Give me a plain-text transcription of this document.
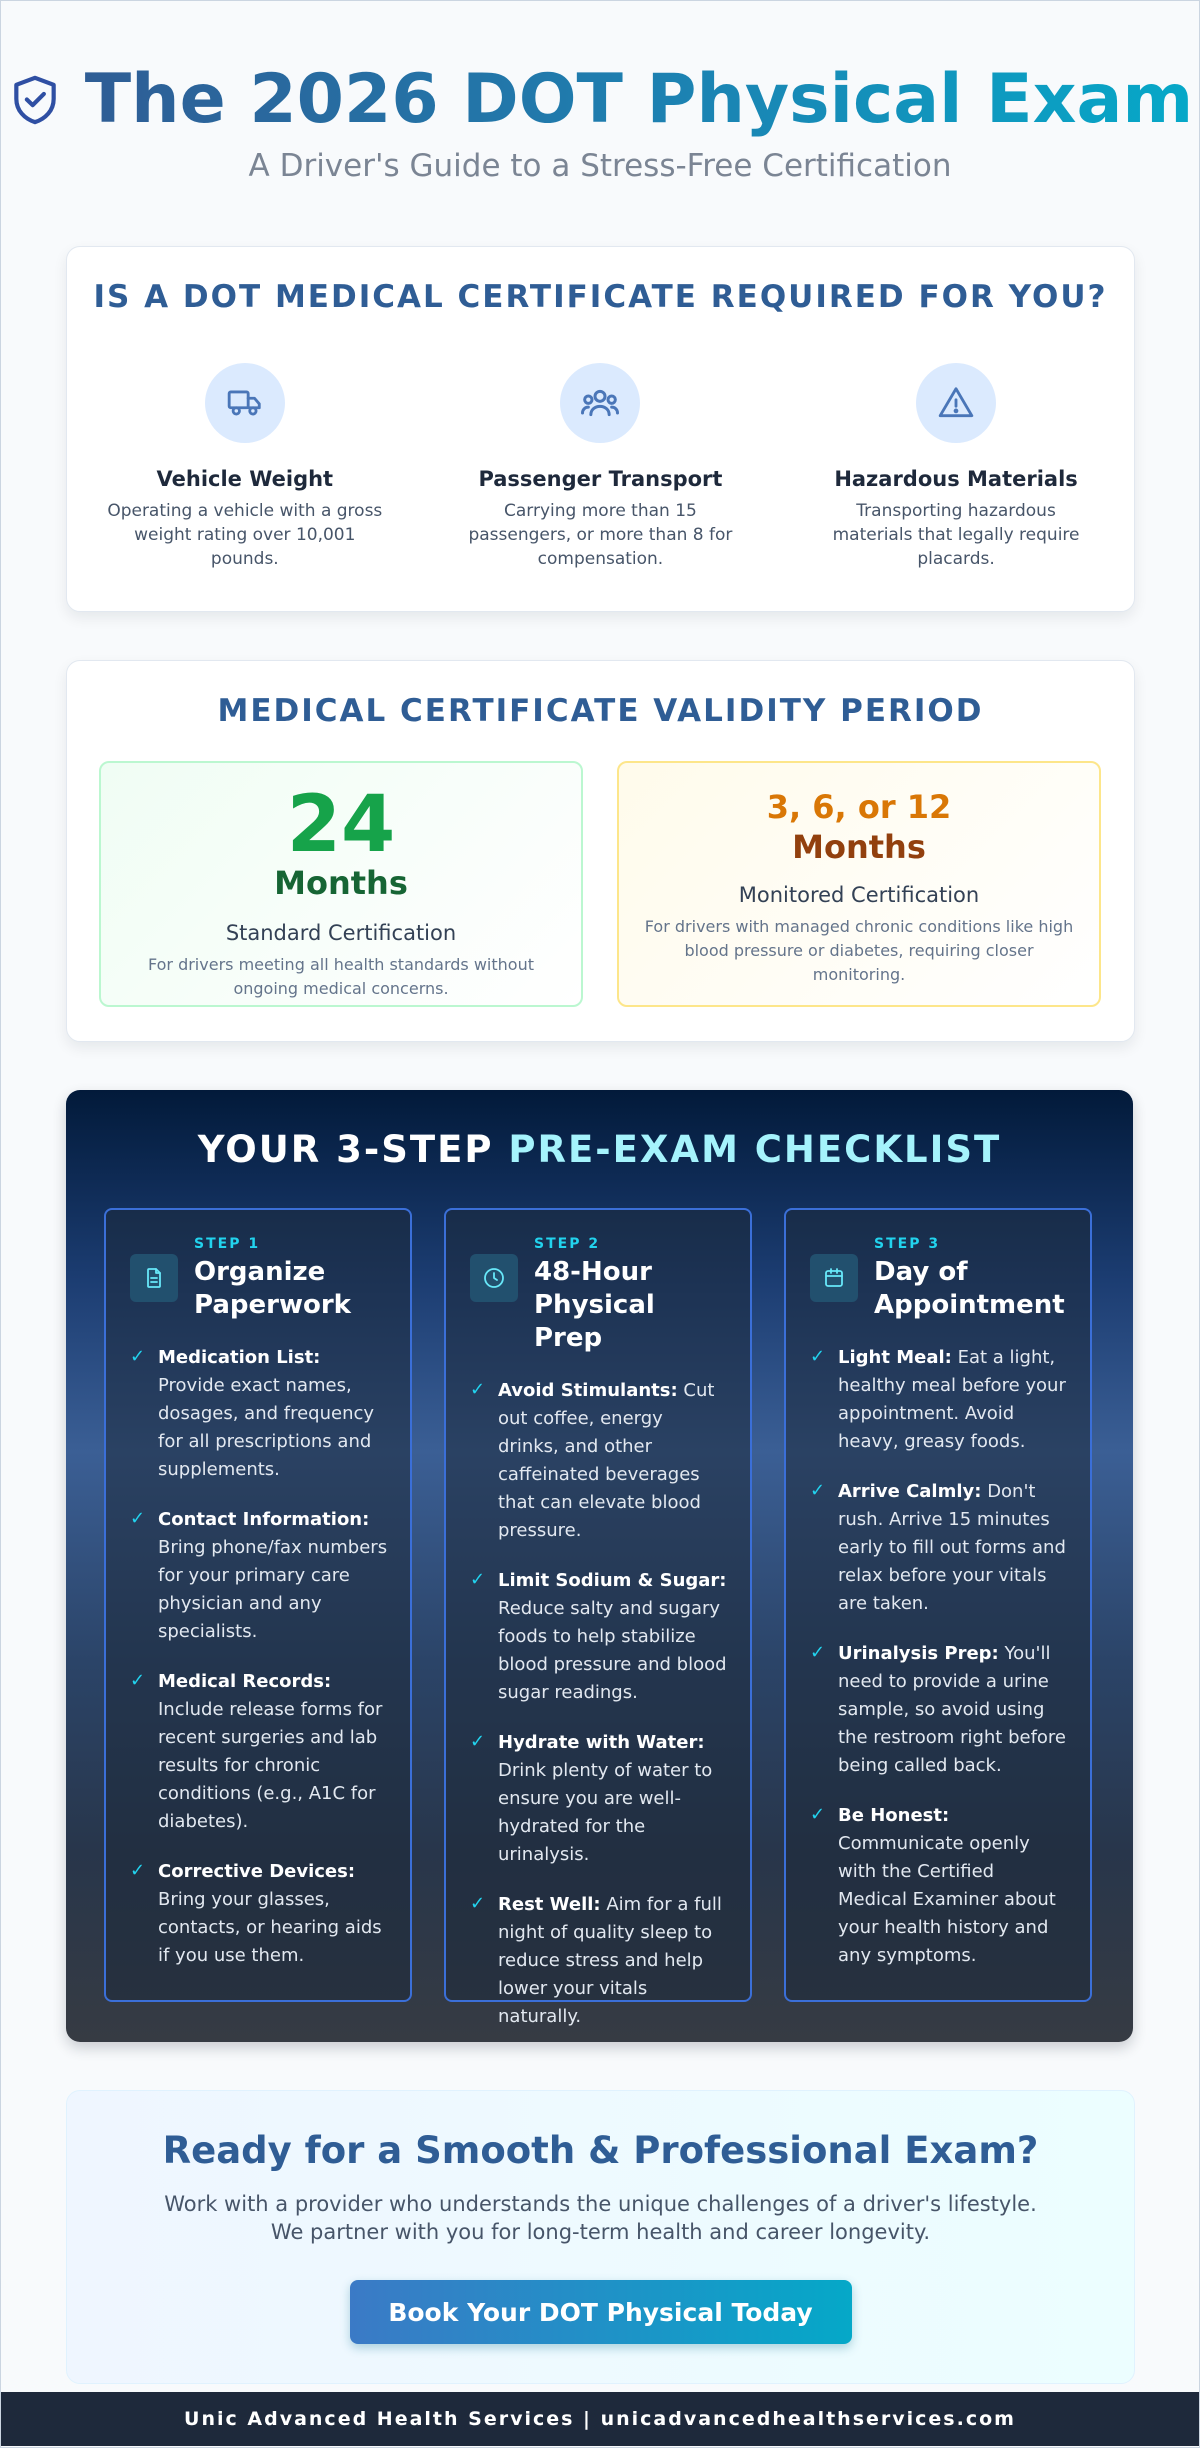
The 2026 DOT Physical Exam
A Driver's Guide to a Stress-Free Certification
IS A DOT MEDICAL CERTIFICATE REQUIRED FOR YOU?
Vehicle Weight
Operating a vehicle with a gross weight rating over 10,001 pounds.
Passenger Transport
Carrying more than 15 passengers, or more than 8 for compensation.
Hazardous Materials
Transporting hazardous materials that legally require placards.
MEDICAL CERTIFICATE VALIDITY PERIOD
24
Months
Standard Certification
For drivers meeting all health standards without ongoing medical concerns.
3, 6, or 12
Months
Monitored Certification
For drivers with managed chronic conditions like high blood pressure or diabetes, requiring closer monitoring.
YOUR 3-STEP PRE-EXAM CHECKLIST
STEP 1
Organize Paperwork
✓ Medication List: Provide exact names, dosages, and frequency for all prescriptions and supplements.
✓ Contact Information: Bring phone/fax numbers for your primary care physician and any specialists.
✓ Medical Records: Include release forms for recent surgeries and lab results for chronic conditions (e.g., A1C for diabetes).
✓ Corrective Devices: Bring your glasses, contacts, or hearing aids if you use them.
STEP 2
48-Hour Physical Prep
✓ Avoid Stimulants: Cut out coffee, energy drinks, and other caffeinated beverages that can elevate blood pressure.
✓ Limit Sodium & Sugar: Reduce salty and sugary foods to help stabilize blood pressure and blood sugar readings.
✓ Hydrate with Water: Drink plenty of water to ensure you are well-hydrated for the urinalysis.
✓ Rest Well: Aim for a full night of quality sleep to reduce stress and help lower your vitals naturally.
STEP 3
Day of Appointment
✓ Light Meal: Eat a light, healthy meal before your appointment. Avoid heavy, greasy foods.
✓ Arrive Calmly: Don't rush. Arrive 15 minutes early to fill out forms and relax before your vitals are taken.
✓ Urinalysis Prep: You'll need to provide a urine sample, so avoid using the restroom right before being called back.
✓ Be Honest: Communicate openly with the Certified Medical Examiner about your health history and any symptoms.
Ready for a Smooth & Professional Exam?
Work with a provider who understands the unique challenges of a driver's lifestyle. We partner with you for long-term health and career longevity.
Book Your DOT Physical Today
Unic Advanced Health Services | unicadvancedhealthservices.com
